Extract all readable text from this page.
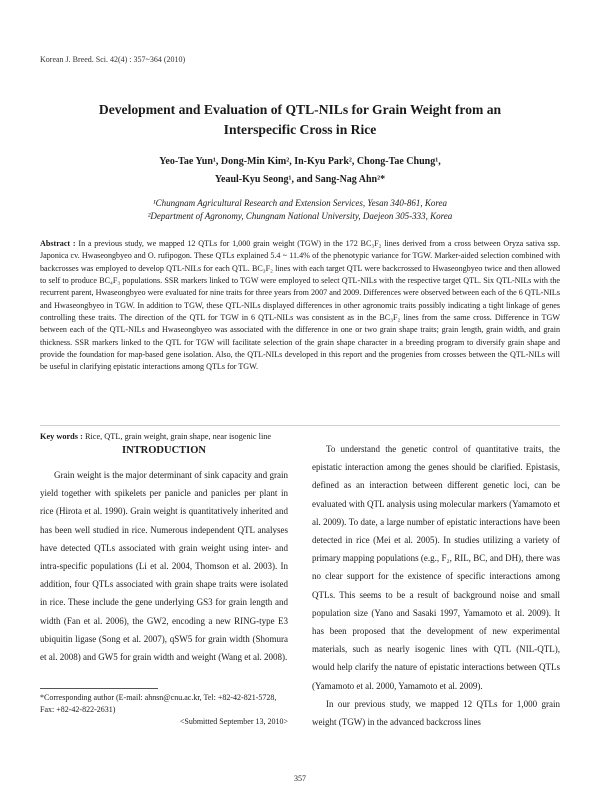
Korean J. Breed. Sci. 42(4) : 357~364 (2010)
Development and Evaluation of QTL-NILs for Grain Weight from an
Interspecific Cross in Rice
Yeo-Tae Yun¹, Dong-Min Kim², In-Kyu Park², Chong-Tae Chung¹,
Yeaul-Kyu Seong¹, and Sang-Nag Ahn²*
¹Chungnam Agricultural Research and Extension Services, Yesan 340-861, Korea
²Department of Agronomy, Chungnam National University, Daejeon 305-333, Korea
Abstract : In a previous study, we mapped 12 QTLs for 1,000 grain weight (TGW) in the 172 BC₃F₂ lines derived from a cross between Oryza sativa ssp. Japonica cv. Hwaseongbyeo and O. rufipogon. These QTLs explained 5.4 ~ 11.4% of the phenotypic variance for TGW. Marker-aided selection combined with backcrosses was employed to develop QTL-NILs for each QTL. BC₃F₂ lines with each target QTL were backcrossed to Hwaseongbyeo twice and then allowed to self to produce BC₄F₃ populations. SSR markers linked to TGW were employed to select QTL-NILs with the respective target QTL. Six QTL-NILs with the recurrent parent, Hwaseongbyeo were evaluated for nine traits for three years from 2007 and 2009. Differences were observed between each of the 6 QTL-NILs and Hwaseongbyeo in TGW. In addition to TGW, these QTL-NILs displayed differences in other agronomic traits possibly indicating a tight linkage of genes controlling these traits. The direction of the QTL for TGW in 6 QTL-NILs was consistent as in the BC₃F₂ lines from the same cross. Difference in TGW between each of the QTL-NILs and Hwaseongbyeo was associated with the difference in one or two grain shape traits; grain length, grain width, and grain thickness. SSR markers linked to the QTL for TGW will facilitate selection of the grain shape character in a breeding program to diversify grain shape and provide the foundation for map-based gene isolation. Also, the QTL-NILs developed in this report and the progenies from crosses between the QTL-NILs will be useful in clarifying epistatic interactions among QTLs for TGW.
Key words : Rice, QTL, grain weight, grain shape, near isogenic line
INTRODUCTION

Grain weight is the major determinant of sink capacity and grain yield together with spikelets per panicle and panicles per plant in rice (Hirota et al. 1990). Grain weight is quantitatively inherited and has been well studied in rice. Numerous independent QTL analyses have detected QTLs associated with grain weight using inter- and intra-specific populations (Li et al. 2004, Thomson et al. 2003). In addition, four QTLs associated with grain shape traits were isolated in rice. These include the gene underlying GS3 for grain length and width (Fan et al. 2006), the GW2, encoding a new RING-type E3 ubiquitin ligase (Song et al. 2007), qSW5 for grain width (Shomura et al. 2008) and GW5 for grain width and weight (Wang et al. 2008).

To understand the genetic control of quantitative traits, the epistatic interaction among the genes should be clarified. Epistasis, defined as an interaction between different genetic loci, can be evaluated with QTL analysis using molecular markers (Yamamoto et al. 2009). To date, a large number of epistatic interactions have been detected in rice (Mei et al. 2005). In studies utilizing a variety of primary mapping populations (e.g., F₂, RIL, BC, and DH), there was no clear support for the existence of specific interactions among QTLs. This seems to be a result of background noise and small population size (Yano and Sasaki 1997, Yamamoto et al. 2009). It has been proposed that the development of new experimental materials, such as nearly isogenic lines with QTL (NIL-QTL), would help clarify the nature of epistatic interactions between QTLs (Yamamoto et al. 2000, Yamamoto et al. 2009).

In our previous study, we mapped 12 QTLs for 1,000 grain weight (TGW) in the advanced backcross lines

*Corresponding author (E-mail: ahnsn@cnu.ac.kr, Tel: +82-42-821-5728, Fax: +82-42-822-2631)
<Submitted September 13, 2010>
357
